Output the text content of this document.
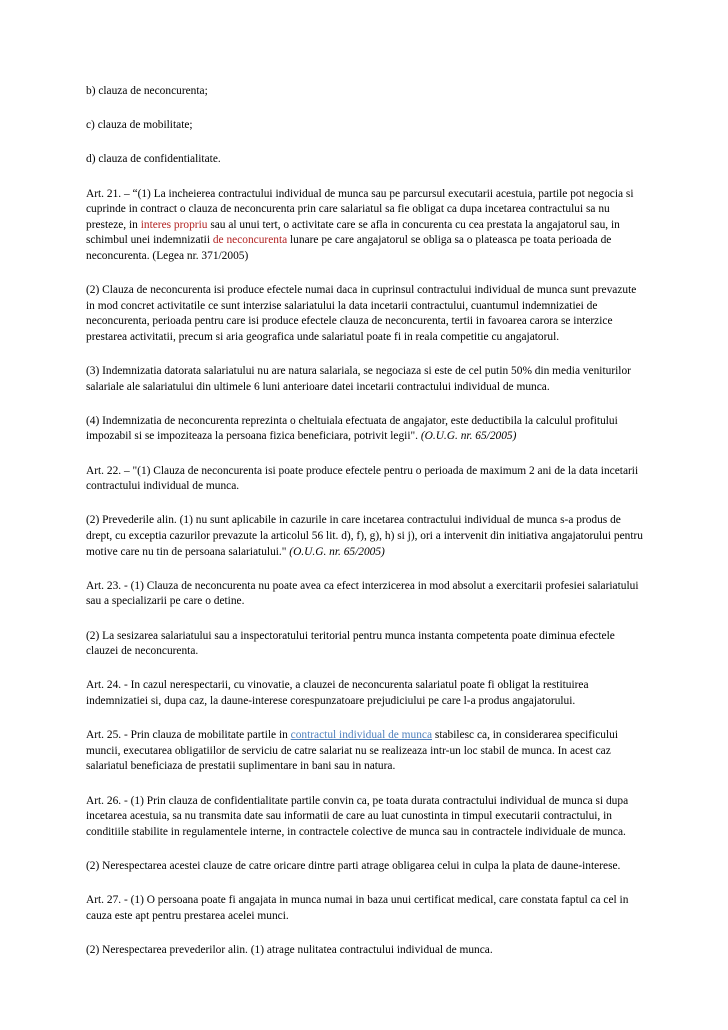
b) clauza de neconcurenta;

c) clauza de mobilitate;

d) clauza de confidentialitate.

Art. 21. – “(1) La incheierea contractului individual de munca sau pe parcursul executarii acestuia, partile pot negocia si cuprinde in contract o clauza de neconcurenta prin care salariatul sa fie obligat ca dupa incetarea contractului sa nu presteze, in interes propriu sau al unui tert, o activitate care se afla in concurenta cu cea prestata la angajatorul sau, in schimbul unei indemnizatii de neconcurenta lunare pe care angajatorul se obliga sa o plateasca pe toata perioada de neconcurenta. (Legea nr. 371/2005)

(2) Clauza de neconcurenta isi produce efectele numai daca in cuprinsul contractului individual de munca sunt prevazute in mod concret activitatile ce sunt interzise salariatului la data incetarii contractului, cuantumul indemnizatiei de neconcurenta, perioada pentru care isi produce efectele clauza de neconcurenta, tertii in favoarea carora se interzice prestarea activitatii, precum si aria geografica unde salariatul poate fi in reala competitie cu angajatorul.

(3) Indemnizatia datorata salariatului nu are natura salariala, se negociaza si este de cel putin 50% din media veniturilor salariale ale salariatului din ultimele 6 luni anterioare datei incetarii contractului individual de munca.

(4) Indemnizatia de neconcurenta reprezinta o cheltuiala efectuata de angajator, este deductibila la calculul profitului impozabil si se impoziteaza la persoana fizica beneficiara, potrivit legii". (O.U.G. nr. 65/2005)

Art. 22. – "(1) Clauza de neconcurenta isi poate produce efectele pentru o perioada de maximum 2 ani de la data incetarii contractului individual de munca.

(2) Prevederile alin. (1) nu sunt aplicabile in cazurile in care incetarea contractului individual de munca s-a produs de drept, cu exceptia cazurilor prevazute la articolul 56 lit. d), f), g), h) si j), ori a intervenit din initiativa angajatorului pentru motive care nu tin de persoana salariatului." (O.U.G. nr. 65/2005)

Art. 23. - (1) Clauza de neconcurenta nu poate avea ca efect interzicerea in mod absolut a exercitarii profesiei salariatului sau a specializarii pe care o detine.

(2) La sesizarea salariatului sau a inspectoratului teritorial pentru munca instanta competenta poate diminua efectele clauzei de neconcurenta.

Art. 24. - In cazul nerespectarii, cu vinovatie, a clauzei de neconcurenta salariatul poate fi obligat la restituirea indemnizatiei si, dupa caz, la daune-interese corespunzatoare prejudiciului pe care l-a produs angajatorului.

Art. 25. - Prin clauza de mobilitate partile in contractul individual de munca stabilesc ca, in considerarea specificului muncii, executarea obligatiilor de serviciu de catre salariat nu se realizeaza intr-un loc stabil de munca. In acest caz salariatul beneficiaza de prestatii suplimentare in bani sau in natura.

Art. 26. - (1) Prin clauza de confidentialitate partile convin ca, pe toata durata contractului individual de munca si dupa incetarea acestuia, sa nu transmita date sau informatii de care au luat cunostinta in timpul executarii contractului, in conditiile stabilite in regulamentele interne, in contractele colective de munca sau in contractele individuale de munca.

(2) Nerespectarea acestei clauze de catre oricare dintre parti atrage obligarea celui in culpa la plata de daune-interese.

Art. 27. - (1) O persoana poate fi angajata in munca numai in baza unui certificat medical, care constata faptul ca cel in cauza este apt pentru prestarea acelei munci.

(2) Nerespectarea prevederilor alin. (1) atrage nulitatea contractului individual de munca.
